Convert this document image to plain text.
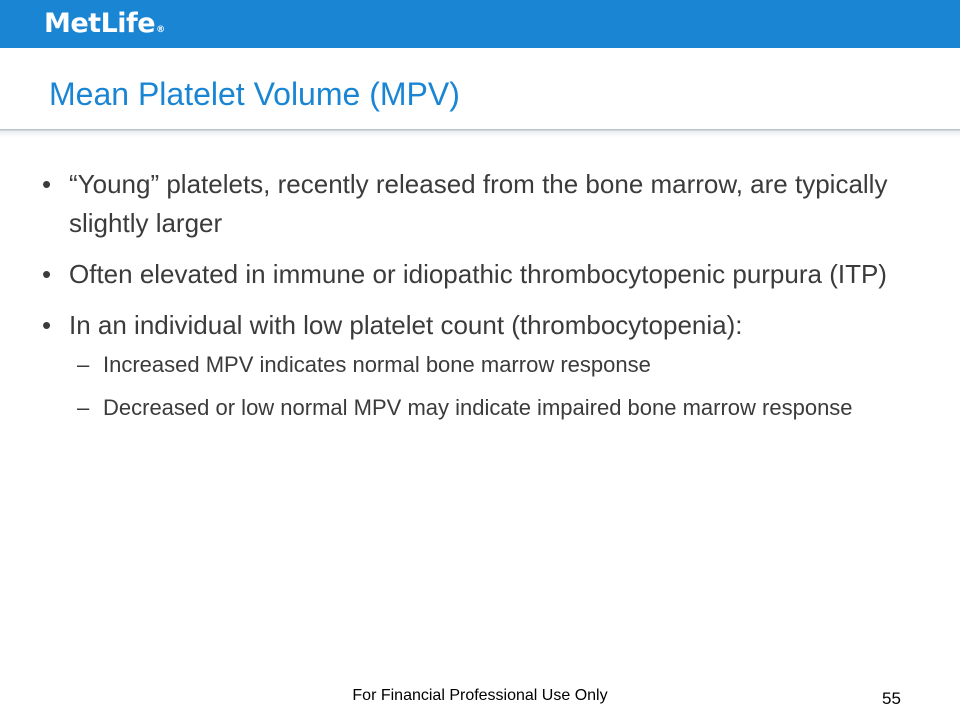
MetLife®
Mean Platelet Volume (MPV)
• “Young” platelets, recently released from the bone marrow, are typically slightly larger
• Often elevated in immune or idiopathic thrombocytopenic purpura (ITP)
• In an individual with low platelet count (thrombocytopenia):
– Increased MPV indicates normal bone marrow response
– Decreased or low normal MPV may indicate impaired bone marrow response
For Financial Professional Use Only	55
